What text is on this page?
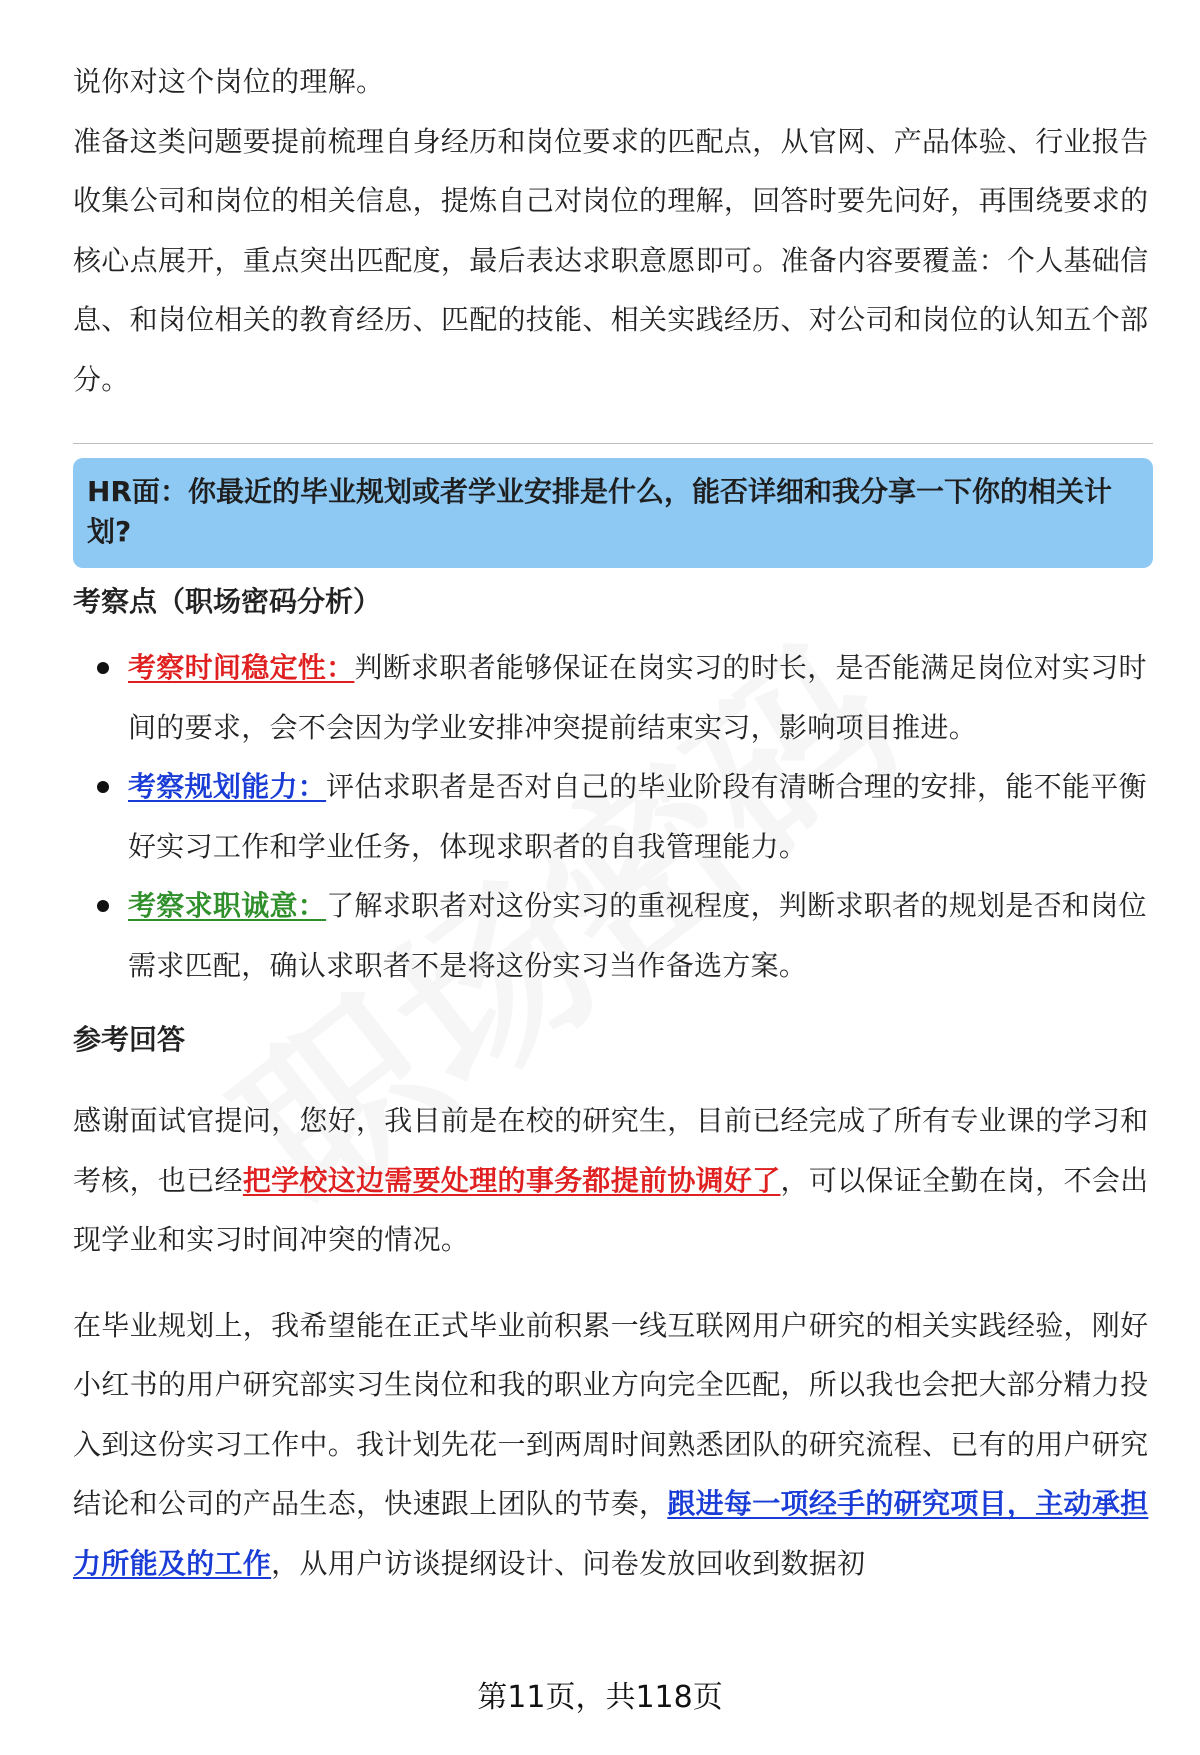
说你对这个岗位的理解。

准备这类问题要提前梳理自身经历和岗位要求的匹配点，从官网、产品体验、行业报告收集公司和岗位的相关信息，提炼自己对岗位的理解，回答时要先问好，再围绕要求的核心点展开，重点突出匹配度，最后表达求职意愿即可。准备内容要覆盖：个人基础信息、和岗位相关的教育经历、匹配的技能、相关实践经历、对公司和岗位的认知五个部分。

HR面：你最近的毕业规划或者学业安排是什么，能否详细和我分享一下你的相关计划?

考察点（职场密码分析）

考察时间稳定性：判断求职者能够保证在岗实习的时长，是否能满足岗位对实习时间的要求，会不会因为学业安排冲突提前结束实习，影响项目推进。
考察规划能力：评估求职者是否对自己的毕业阶段有清晰合理的安排，能不能平衡好实习工作和学业任务，体现求职者的自我管理能力。
考察求职诚意：了解求职者对这份实习的重视程度，判断求职者的规划是否和岗位需求匹配，确认求职者不是将这份实习当作备选方案。

参考回答

感谢面试官提问，您好，我目前是在校的研究生，目前已经完成了所有专业课的学习和考核，也已经把学校这边需要处理的事务都提前协调好了，可以保证全勤在岗，不会出现学业和实习时间冲突的情况。

在毕业规划上，我希望能在正式毕业前积累一线互联网用户研究的相关实践经验，刚好小红书的用户研究部实习生岗位和我的职业方向完全匹配，所以我也会把大部分精力投入到这份实习工作中。我计划先花一到两周时间熟悉团队的研究流程、已有的用户研究结论和公司的产品生态，快速跟上团队的节奏，跟进每一项经手的研究项目，主动承担力所能及的工作，从用户访谈提纲设计、问卷发放回收到数据初

第11页，共118页
